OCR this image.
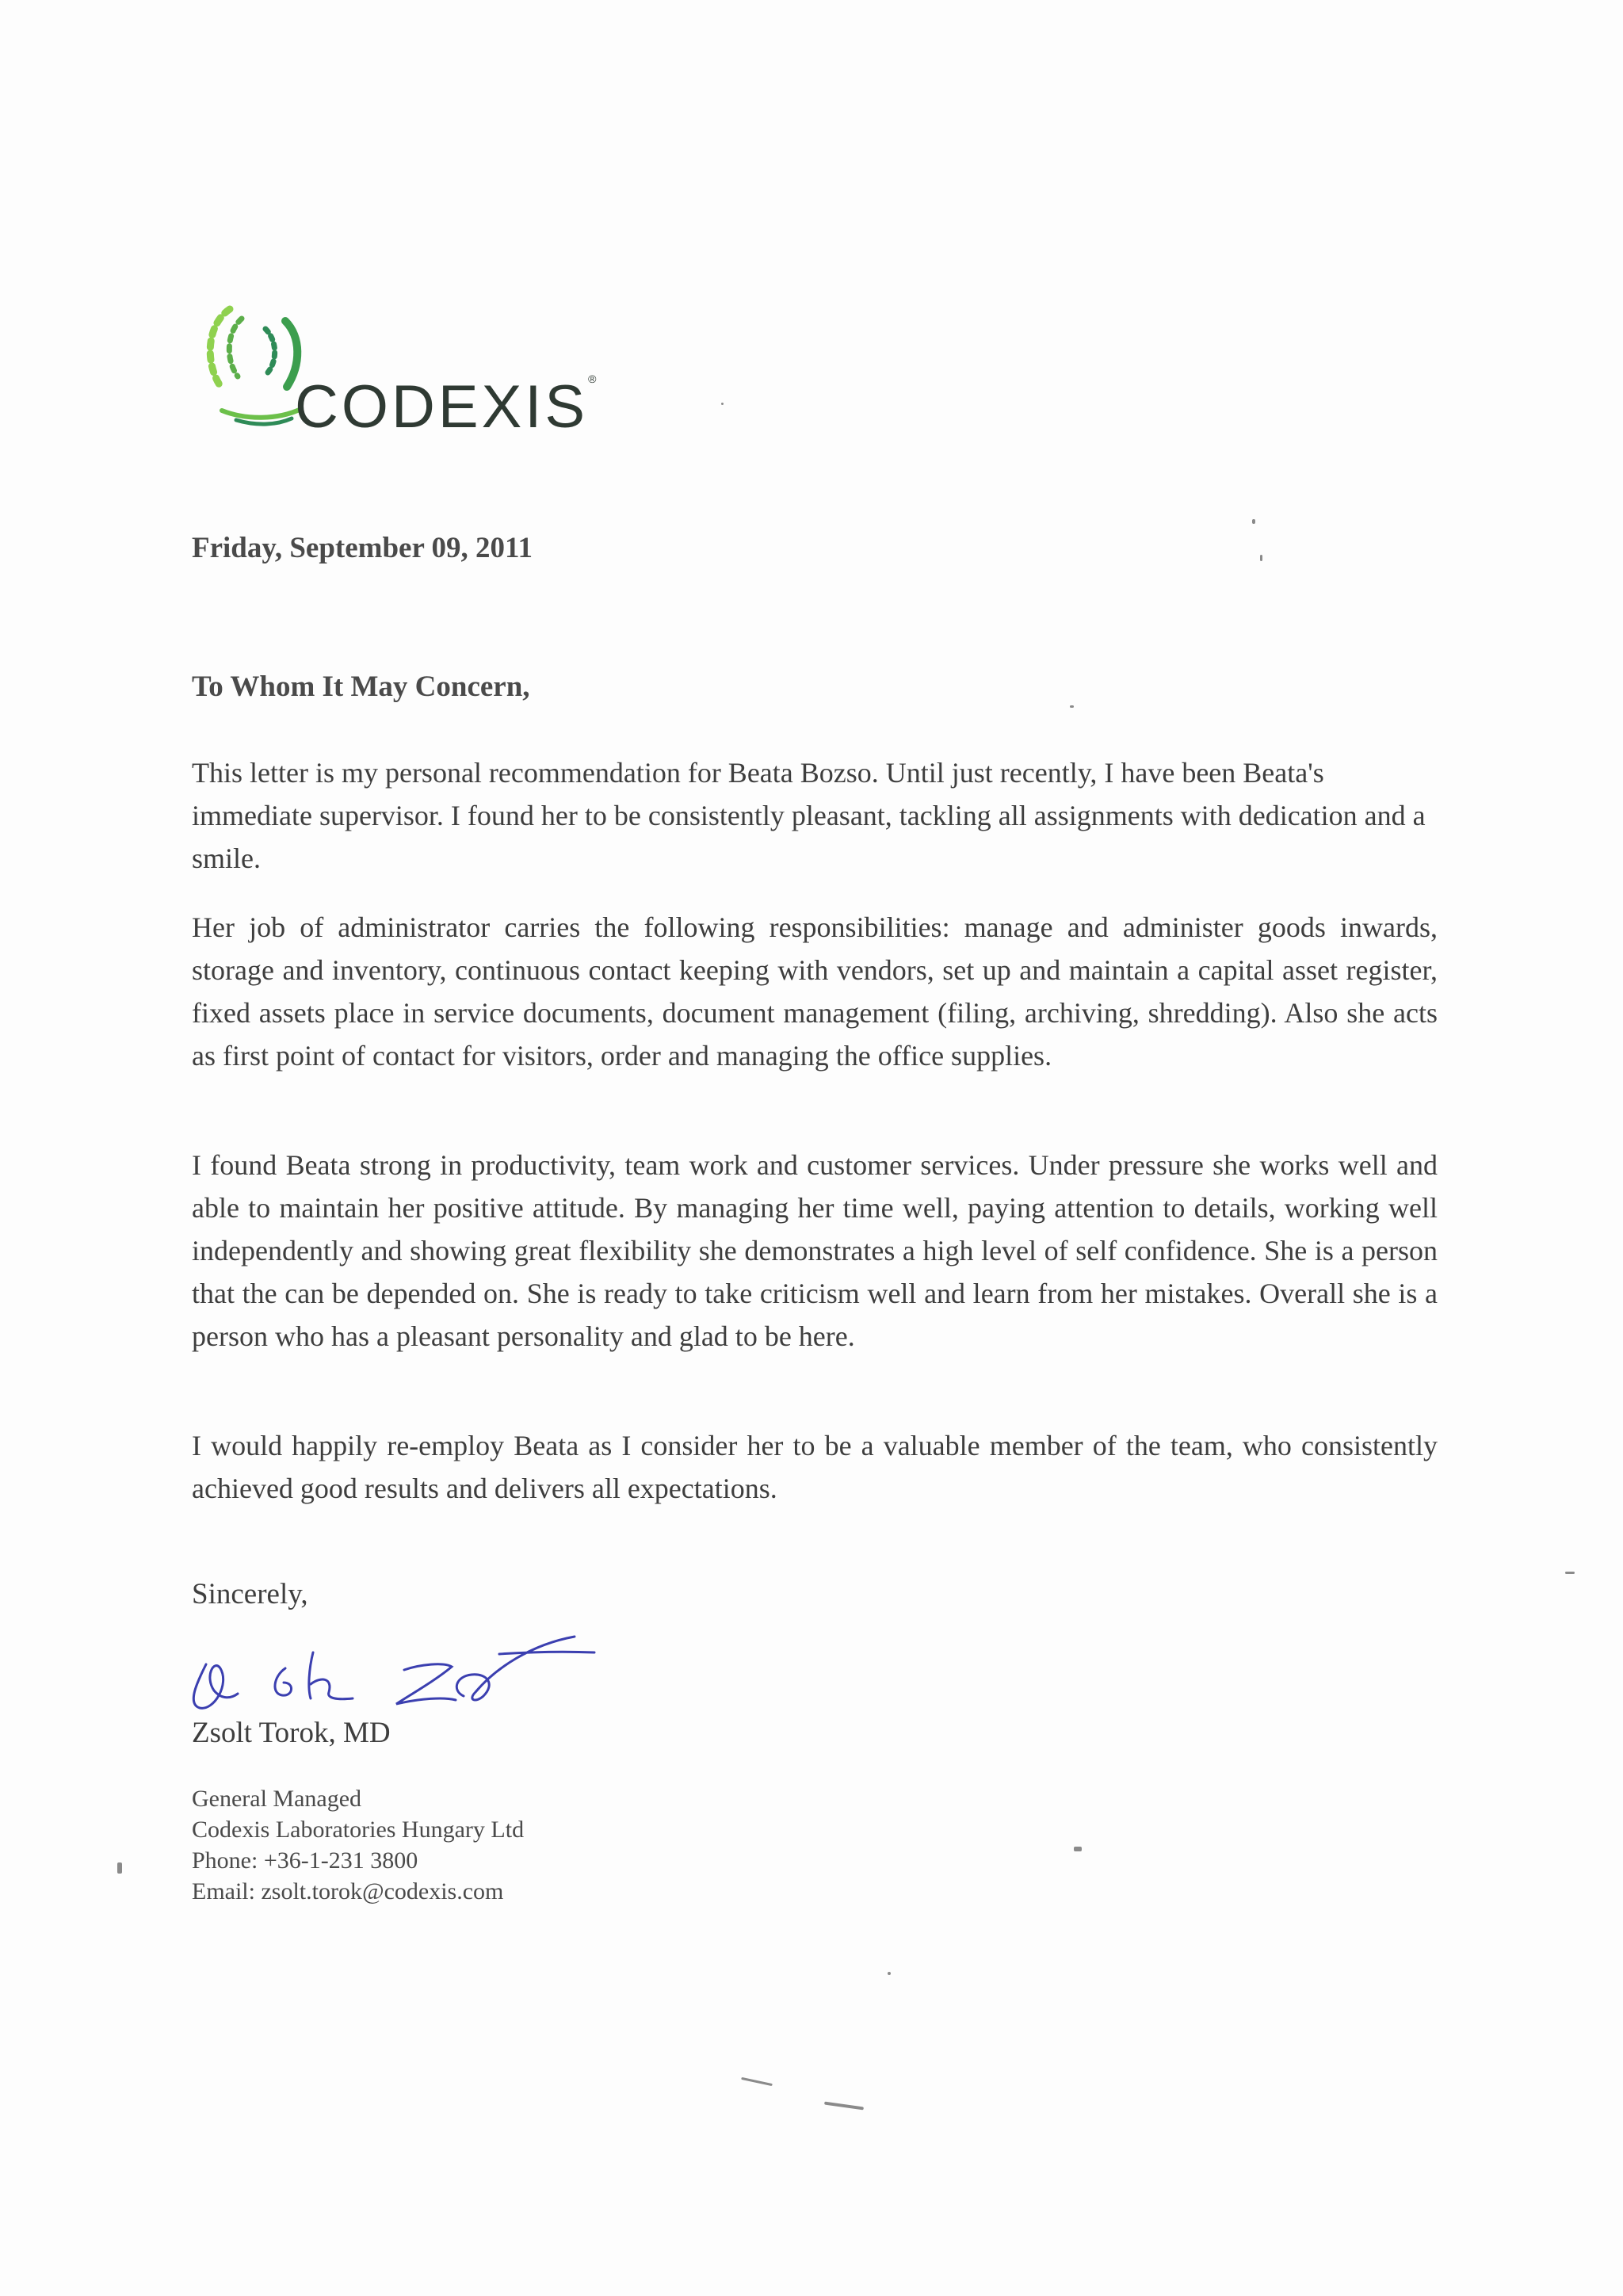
CODEXIS®
Friday, September 09, 2011
To Whom It May Concern,

This letter is my personal recommendation for Beata Bozso. Until just recently, I have been Beata's immediate supervisor. I found her to be consistently pleasant, tackling all assignments with dedication and a smile.

Her job of administrator carries the following responsibilities: manage and administer goods inwards, storage and inventory, continuous contact keeping with vendors, set up and maintain a capital asset register, fixed assets place in service documents, document management (filing, archiving, shredding). Also she acts as first point of contact for visitors, order and managing the office supplies.

I found Beata strong in productivity, team work and customer services. Under pressure she works well and able to maintain her positive attitude. By managing her time well, paying attention to details, working well independently and showing great flexibility she demonstrates a high level of self confidence. She is a person that the can be depended on. She is ready to take criticism well and learn from her mistakes. Overall she is a person who has a pleasant personality and glad to be here.

I would happily re-employ Beata as I consider her to be a valuable member of the team, who consistently achieved good results and delivers all expectations.

Sincerely,
Zsolt Torok, MD
General Managed
Codexis Laboratories Hungary Ltd
Phone: +36-1-231 3800
Email: zsolt.torok@codexis.com
